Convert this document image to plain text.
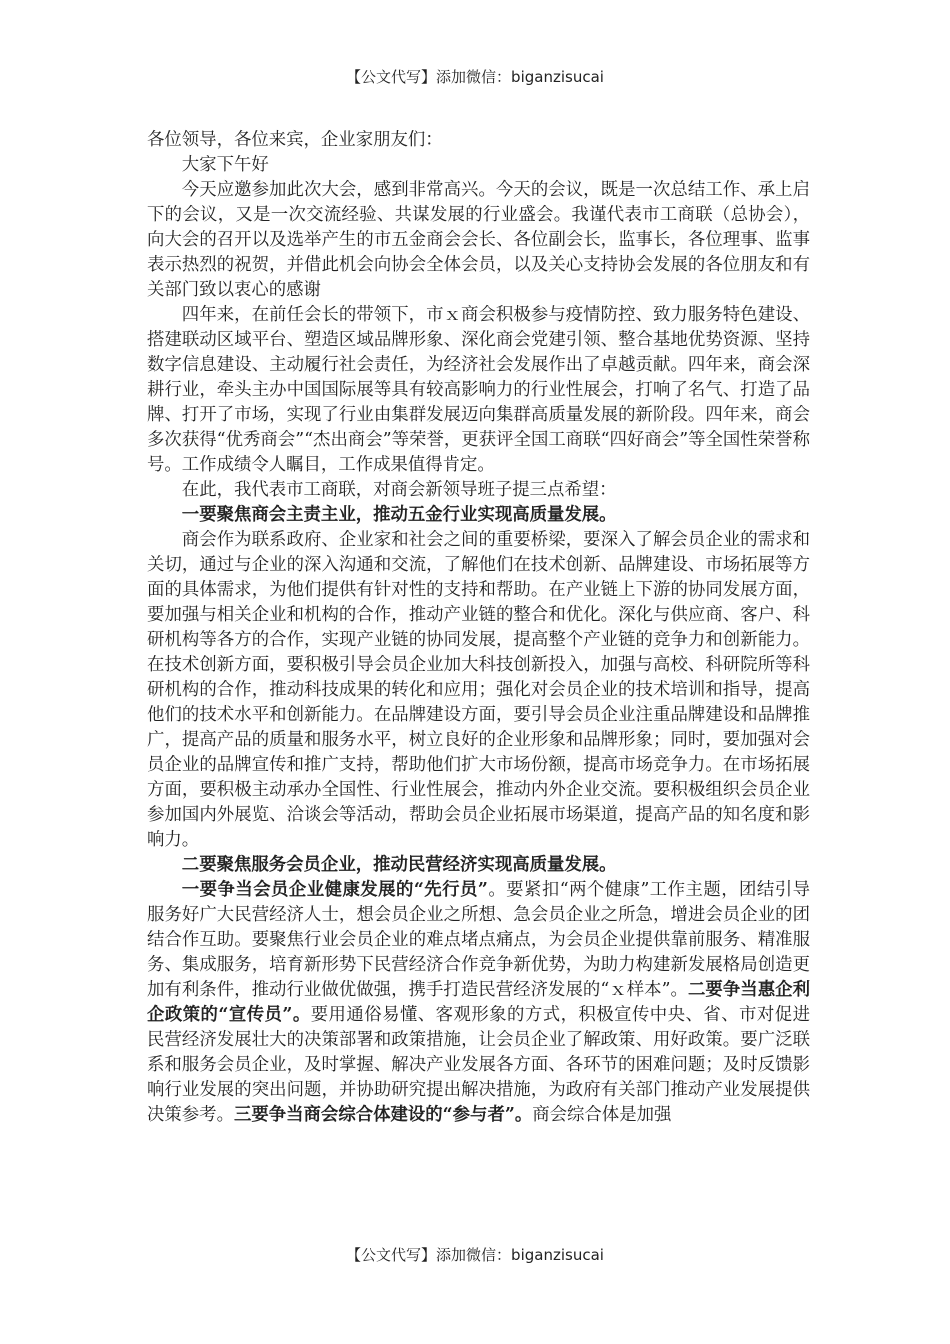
【公文代写】添加微信：biganzisucai

各位领导，各位来宾，企业家朋友们：

大家下午好

今天应邀参加此次大会，感到非常高兴。今天的会议，既是一次总结工作、承上启下的会议，又是一次交流经验、共谋发展的行业盛会。我谨代表市工商联（总协会），向大会的召开以及选举产生的市五金商会会长、各位副会长，监事长，各位理事、监事表示热烈的祝贺，并借此机会向协会全体会员，以及关心支持协会发展的各位朋友和有关部门致以衷心的感谢

四年来，在前任会长的带领下，市ｘ商会积极参与疫情防控、致力服务特色建设、搭建联动区域平台、塑造区域品牌形象、深化商会党建引领、整合基地优势资源、坚持数字信息建设、主动履行社会责任，为经济社会发展作出了卓越贡献。四年来，商会深耕行业，牵头主办中国国际展等具有较高影响力的行业性展会，打响了名气、打造了品牌、打开了市场，实现了行业由集群发展迈向集群高质量发展的新阶段。四年来，商会多次获得“优秀商会”“杰出商会”等荣誉，更获评全国工商联“四好商会”等全国性荣誉称号。工作成绩令人瞩目，工作成果值得肯定。

在此，我代表市工商联，对商会新领导班子提三点希望：

一要聚焦商会主责主业，推动五金行业实现高质量发展。

商会作为联系政府、企业家和社会之间的重要桥梁，要深入了解会员企业的需求和关切，通过与企业的深入沟通和交流，了解他们在技术创新、品牌建设、市场拓展等方面的具体需求，为他们提供有针对性的支持和帮助。在产业链上下游的协同发展方面，要加强与相关企业和机构的合作，推动产业链的整合和优化。深化与供应商、客户、科研机构等各方的合作，实现产业链的协同发展，提高整个产业链的竞争力和创新能力。在技术创新方面，要积极引导会员企业加大科技创新投入，加强与高校、科研院所等科研机构的合作，推动科技成果的转化和应用；强化对会员企业的技术培训和指导，提高他们的技术水平和创新能力。在品牌建设方面，要引导会员企业注重品牌建设和品牌推广，提高产品的质量和服务水平，树立良好的企业形象和品牌形象；同时，要加强对会员企业的品牌宣传和推广支持，帮助他们扩大市场份额，提高市场竞争力。在市场拓展方面，要积极主动承办全国性、行业性展会，推动内外企业交流。要积极组织会员企业参加国内外展览、洽谈会等活动，帮助会员企业拓展市场渠道，提高产品的知名度和影响力。

二要聚焦服务会员企业，推动民营经济实现高质量发展。

一要争当会员企业健康发展的“先行员”。要紧扣“两个健康”工作主题，团结引导服务好广大民营经济人士，想会员企业之所想、急会员企业之所急，增进会员企业的团结合作互助。要聚焦行业会员企业的难点堵点痛点，为会员企业提供靠前服务、精准服务、集成服务，培育新形势下民营经济合作竞争新优势，为助力构建新发展格局创造更加有利条件，推动行业做优做强，携手打造民营经济发展的“ｘ样本”。二要争当惠企利企政策的“宣传员”。要用通俗易懂、客观形象的方式，积极宣传中央、省、市对促进民营经济发展壮大的决策部署和政策措施，让会员企业了解政策、用好政策。要广泛联系和服务会员企业，及时掌握、解决产业发展各方面、各环节的困难问题；及时反馈影响行业发展的突出问题，并协助研究提出解决措施，为政府有关部门推动产业发展提供决策参考。三要争当商会综合体建设的“参与者”。商会综合体是加强

【公文代写】添加微信：biganzisucai
